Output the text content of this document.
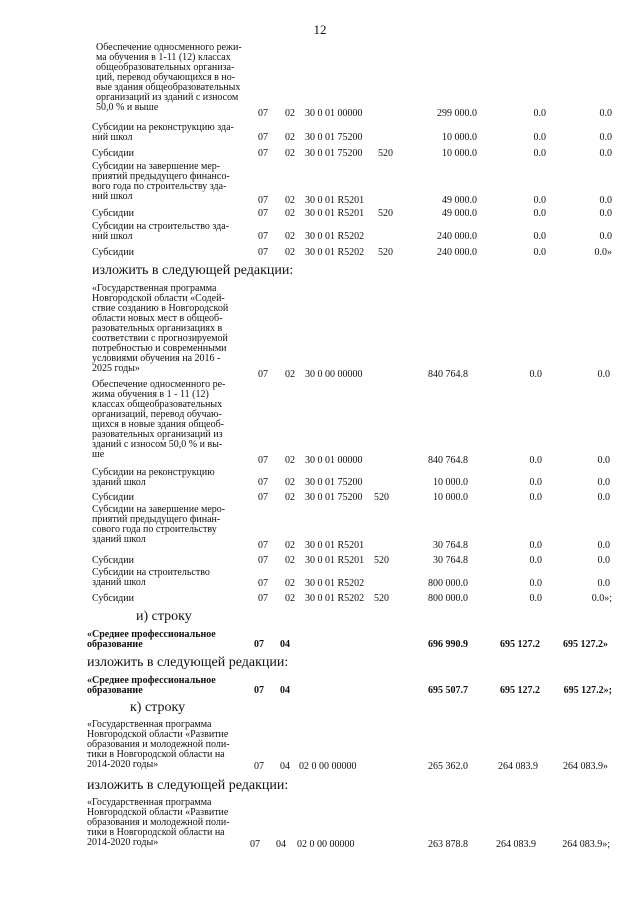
12
Обеспечение односменного режи-
ма обучения в 1-11 (12) классах
общеобразовательных организа-
ций, перевод обучающихся в но-
вые здания общеобразовательных
организаций из зданий с износом
50,0 % и выше
07 02 30 0 01 00000	299 000.0	0.0	0.0
Субсидии на реконструкцию зда-
ний школ	07 02 30 0 01 75200	10 000.0	0.0	0.0
Субсидии	07 02 30 0 01 75200 520	10 000.0	0.0	0.0
Субсидии на завершение мер-
приятий предыдущего финансо-
вого года по строительству зда-
ний школ	07 02 30 0 01 R5201	49 000.0	0.0	0.0
Субсидии	07 02 30 0 01 R5201 520	49 000.0	0.0	0.0
Субсидии на строительство зда-
ний школ	07 02 30 0 01 R5202	240 000.0	0.0	0.0
Субсидии	07 02 30 0 01 R5202 520	240 000.0	0.0	0.0»
изложить в следующей редакции:
«Государственная программа
Новгородской области «Содей-
ствие созданию в Новгородской
области новых мест в общеоб-
разовательных организациях в
соответствии с прогнозируемой
потребностью и современными
условиями обучения на 2016 -
2025 годы»
07 02 30 0 00 00000	840 764.8	0.0	0.0
Обеспечение односменного ре-
жима обучения в 1 - 11 (12)
классах общеобразовательных
организаций, перевод обучаю-
щихся в новые здания общеоб-
разовательных организаций из
зданий с износом 50,0 % и вы-
ше
07 02 30 0 01 00000	840 764.8	0.0	0.0
Субсидии на реконструкцию
зданий школ	07 02 30 0 01 75200	10 000.0	0.0	0.0
Субсидии	07 02 30 0 01 75200 520	10 000.0	0.0	0.0
Субсидии на завершение меро-
приятий предыдущего финан-
сового года по строительству
зданий школ
07 02 30 0 01 R5201	30 764.8	0.0	0.0
Субсидии	07 02 30 0 01 R5201 520	30 764.8	0.0	0.0
Субсидии на строительство
зданий школ	07 02 30 0 01 R5202	800 000.0	0.0	0.0
Субсидии	07 02 30 0 01 R5202 520	800 000.0	0.0	0.0»;
и) строку
«Среднее профессиональное
образование	07 04	696 990.9	695 127.2 695 127.2»
изложить в следующей редакции:
«Среднее профессиональное
образование	07 04	695 507.7	695 127.2 695 127.2»;
к) строку
«Государственная программа
Новгородской области «Развитие
образования и молодежной поли-
тики в Новгородской области на
2014-2020 годы»	07 04 02 0 00 00000	265 362.0	264 083.9	264 083.9»
изложить в следующей редакции:
«Государственная программа
Новгородской области «Развитие
образования и молодежной поли-
тики в Новгородской области на
2014-2020 годы»	07 04 02 0 00 00000	263 878.8	264 083.9	264 083.9»;
